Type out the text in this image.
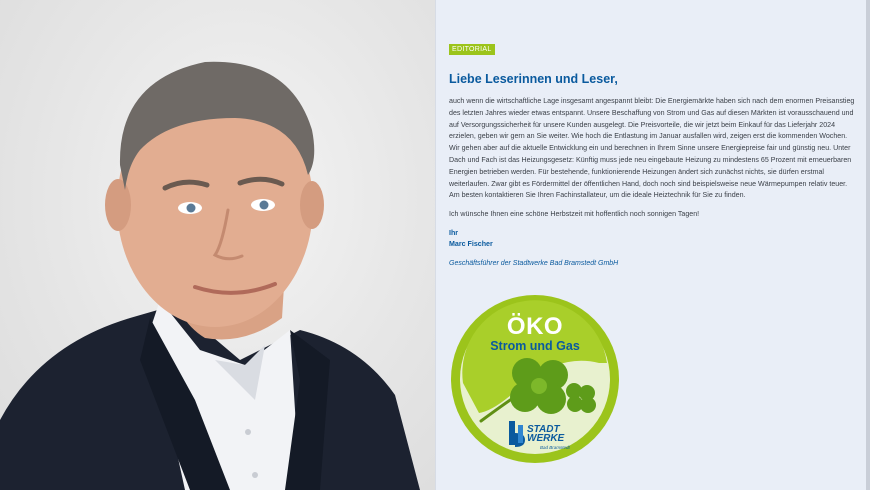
EDITORIAL
Liebe Leserinnen und Leser,

auch wenn die wirtschaftliche Lage insgesamt angespannt bleibt: Die Energiemärkte haben sich nach dem enormen Preisanstieg des letzten Jahres wieder etwas entspannt. Unsere Beschaffung von Strom und Gas auf diesen Märkten ist vorausschauend und auf Versorgungssicherheit für unsere Kunden ausgelegt. Die Preisvorteile, die wir jetzt beim Einkauf für das Lieferjahr 2024 erzielen, geben wir gern an Sie weiter. Wie hoch die Entlastung im Januar ausfallen wird, zeigen erst die kommenden Wochen. Wir gehen aber auf die aktuelle Entwicklung ein und berechnen in Ihrem Sinne unsere Energiepreise fair und günstig neu. Unter Dach und Fach ist das Heizungsgesetz: Künftig muss jede neu eingebaute Heizung zu mindestens 65 Prozent mit erneuerbaren Energien betrieben werden. Für bestehende, funktionierende Heizungen ändert sich zunächst nichts, sie dürfen erstmal weiterlaufen. Zwar gibt es Fördermittel der öffentlichen Hand, doch noch sind beispielsweise neue Wärmepumpen relativ teuer. Am besten kontaktieren Sie Ihren Fachinstallateur, um die ideale Heiztechnik für Sie zu finden.

Ich wünsche Ihnen eine schöne Herbstzeit mit hoffentlich noch sonnigen Tagen!

Ihr

Marc Fischer

Geschäftsführer der Stadtwerke Bad Bramstedt GmbH

ÖKO
Strom und Gas
STADT
WERKE
Bad Bramstedt
